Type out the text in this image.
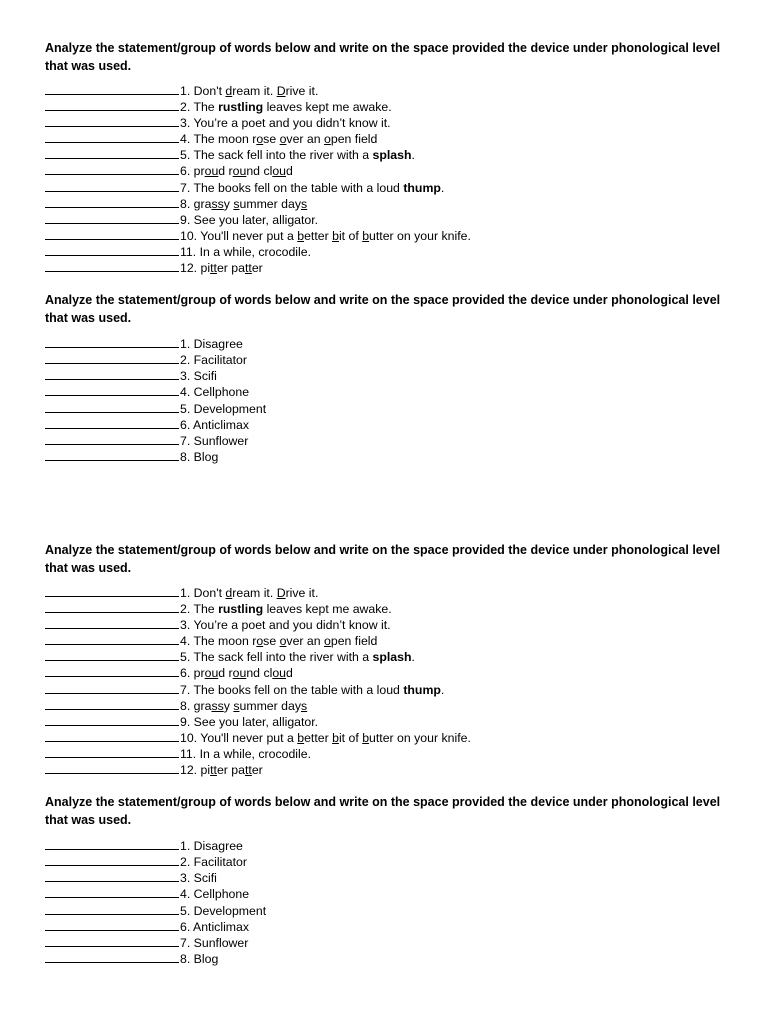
Analyze the statement/group of words below and write on the space provided the device under phonological level that was used.

1. Don't dream it. Drive it.
2. The rustling leaves kept me awake.
3. You’re a poet and you didn’t know it.
4. The moon rose over an open field
5. The sack fell into the river with a splash.
6. proud round cloud
7. The books fell on the table with a loud thump.
8. grassy summer days
9. See you later, alligator.
10. You'll never put a better bit of butter on your knife.
11. In a while, crocodile.
12. pitter patter

Analyze the statement/group of words below and write on the space provided the device under phonological level that was used.

1. Disagree
2. Facilitator
3. Scifi
4. Cellphone
5. Development
6. Anticlimax
7. Sunflower
8. Blog

Analyze the statement/group of words below and write on the space provided the device under phonological level that was used.

1. Don't dream it. Drive it.
2. The rustling leaves kept me awake.
3. You’re a poet and you didn’t know it.
4. The moon rose over an open field
5. The sack fell into the river with a splash.
6. proud round cloud
7. The books fell on the table with a loud thump.
8. grassy summer days
9. See you later, alligator.
10. You'll never put a better bit of butter on your knife.
11. In a while, crocodile.
12. pitter patter

Analyze the statement/group of words below and write on the space provided the device under phonological level that was used.

1. Disagree
2. Facilitator
3. Scifi
4. Cellphone
5. Development
6. Anticlimax
7. Sunflower
8. Blog
